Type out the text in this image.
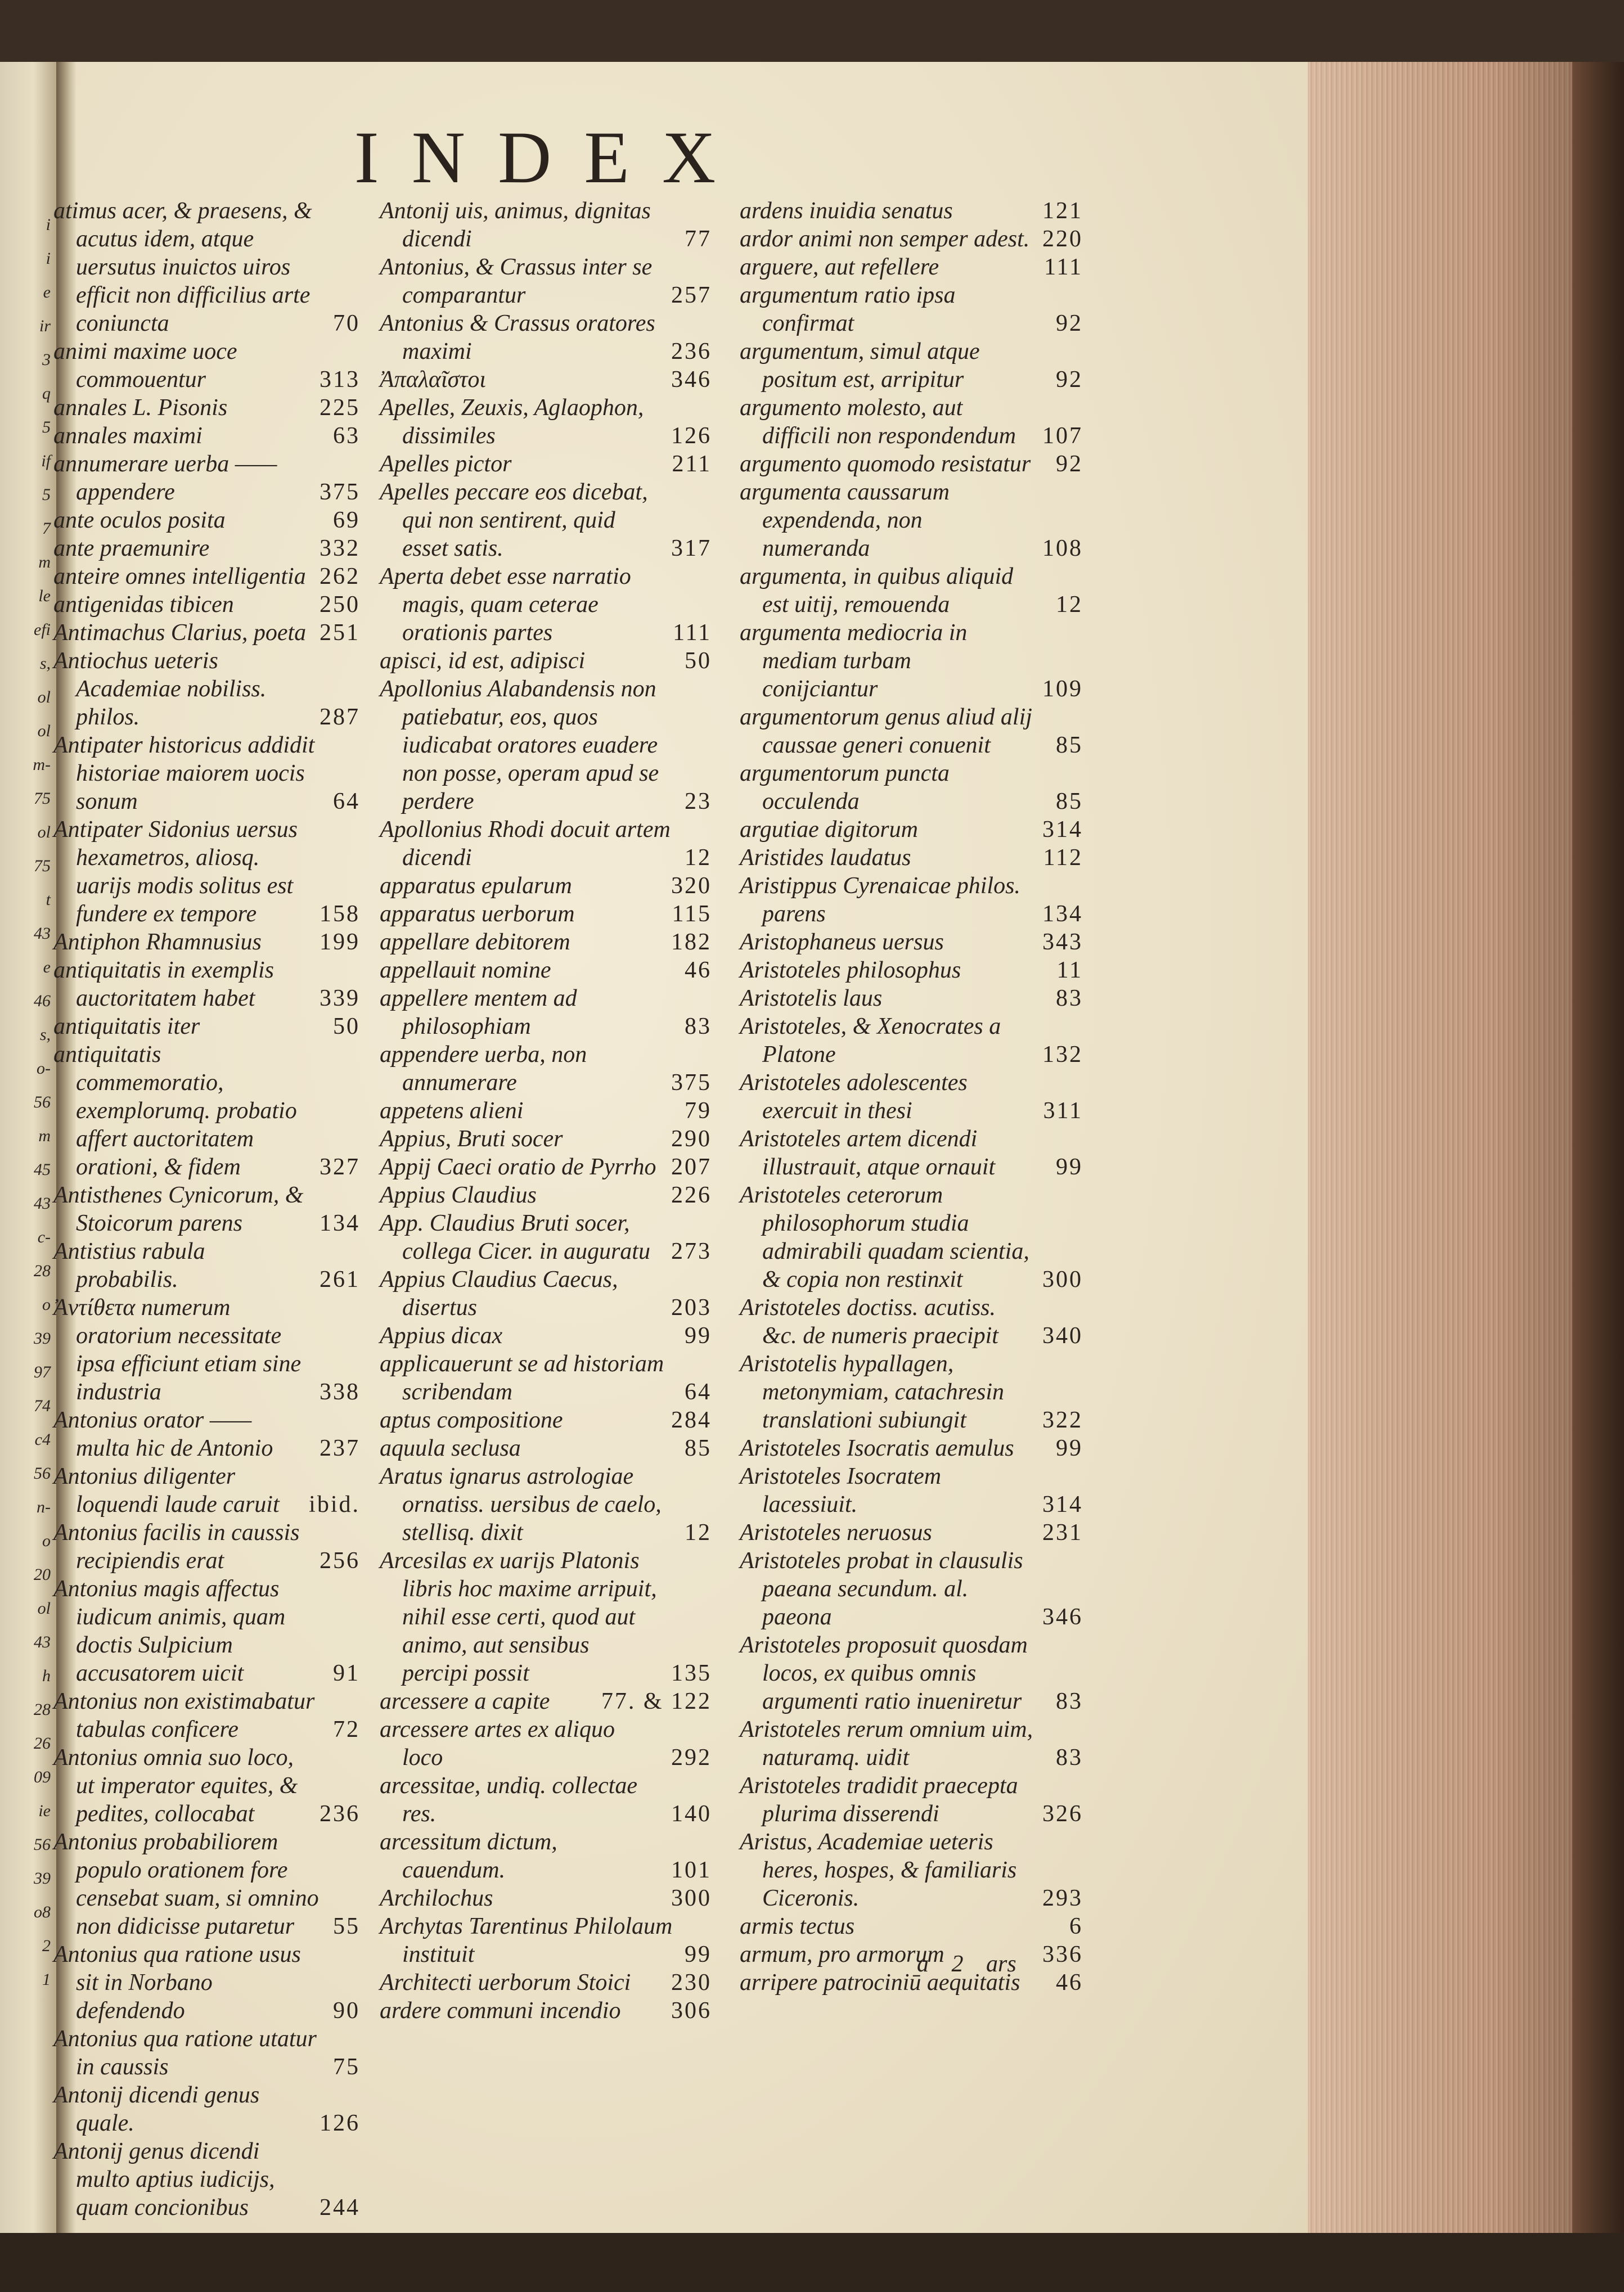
i
i
e
ir
3
q
5
if
5
7
m
le
efi
s,
ol
ol
m-
75
ol
75
t
43
e
46
s,
o-
56
m
45
43
c-
28
o
39
97
74
c4
56
n-
o
20
ol
43
h
28
26
09
ie
56
39
o8
2
1
INDEX
atimus acer, & praesens, & acutus idem, atque uersutus inuictos uiros efficit non difficilius arte coniuncta	70
animi maxime uoce commouentur	313
annales L. Pisonis	225
annales maximi	63
annumerare uerba —— appendere	375
ante oculos posita	69
ante praemunire	332
anteire omnes intelligentia 262
antigenidas tibicen	250
Antimachus Clarius, poeta 251
Antiochus ueteris Academiae nobiliss. philos.	287
Antipater historicus addidit historiae maiorem uocis sonum	64
Antipater Sidonius uersus hexametros, aliosq. uarijs modis solitus est fundere ex tempore	158
Antiphon Rhamnusius	199
antiquitatis in exemplis auctoritatem habet	339
antiquitatis iter	50
antiquitatis commemoratio, exemplorumq. probatio affert auctoritatem orationi, & fidem	327
Antisthenes Cynicorum, & Stoicorum parens	134
Antistius rabula probabilis.	261
Ἀντίθετα numerum oratorium necessitate ipsa efficiunt etiam sine industria	338
Antonius orator —— multa hic de Antonio	237
Antonius diligenter loquendi laude caruit	ibid.
Antonius facilis in caussis recipiendis erat	256
Antonius magis affectus iudicum animis, quam doctis Sulpicium accusatorem uicit	91
Antonius non existimabatur tabulas conficere	72
Antonius omnia suo loco, ut imperator equites, & pedites, collocabat	236
Antonius probabiliorem populo orationem fore censebat suam, si omnino non didicisse putaretur	55
Antonius qua ratione usus sit in Norbano defendendo	90
Antonius qua ratione utatur in caussis	75
Antonij dicendi genus quale.	126
Antonij genus dicendi multo aptius iudicijs, quam concionibus	244
Antonij uis, animus, dignitas dicendi	77
Antonius, & Crassus inter se comparantur	257
Antonius & Crassus oratores maximi	236
Ἀπαλαῖστοι	346
Apelles, Zeuxis, Aglaophon, dissimiles	126
Apelles pictor	211
Apelles peccare eos dicebat, qui non sentirent, quid esset satis.	317
Aperta debet esse narratio magis, quam ceterae orationis partes	111
apisci, id est, adipisci	50
Apollonius Alabandensis non patiebatur, eos, quos iudicabat oratores euadere non posse, operam apud se perdere	23
Apollonius Rhodi docuit artem dicendi	12
apparatus epularum	320
apparatus uerborum	115
appellare debitorem	182
appellauit nomine	46
appellere mentem ad philosophiam	83
appendere uerba, non annumerare	375
appetens alieni	79
Appius, Bruti socer	290
Appij Caeci oratio de Pyrrho 207
Appius Claudius	226
App. Claudius Bruti socer, collega Cicer. in auguratu 273
Appius Claudius Caecus, disertus	203
Appius dicax	99
applicauerunt se ad historiam scribendam	64
aptus compositione	284
aquula seclusa	85
Aratus ignarus astrologiae ornatiss. uersibus de caelo, stellisq. dixit	12
Arcesilas ex uarijs Platonis libris hoc maxime arripuit, nihil esse certi, quod aut animo, aut sensibus percipi possit	135
arcessere a capite	77. & 122
arcessere artes ex aliquo loco	292
arcessitae, undiq. collectae res.	140
arcessitum dictum, cauendum.	101
Archilochus	300
Archytas Tarentinus Philolaum instituit	99
Architecti uerborum Stoici	230
ardere communi incendio	306
ardens inuidia senatus	121
ardor animi non semper adest. 220
arguere, aut refellere	111
argumentum ratio ipsa confirmat	92
argumentum, simul atque positum est, arripitur	92
argumento molesto, aut difficili non respondendum	107
argumento quomodo resistatur	92
argumenta caussarum expendenda, non numeranda	108
argumenta, in quibus aliquid est uitij, remouenda	12
argumenta mediocria in mediam turbam conijciantur	109
argumentorum genus aliud alij caussae generi conuenit	85
argumentorum puncta occulenda	85
argutiae digitorum	314
Aristides laudatus	112
Aristippus Cyrenaicae philos. parens	134
Aristophaneus uersus	343
Aristoteles philosophus	11
Aristotelis laus	83
Aristoteles, & Xenocrates a Platone	132
Aristoteles adolescentes exercuit in thesi	311
Aristoteles artem dicendi illustrauit, atque ornauit	99
Aristoteles ceterorum philosophorum studia admirabili quadam scientia, & copia non restinxit	300
Aristoteles doctiss. acutiss. &c. de numeris praecipit	340
Aristotelis hypallagen, metonymiam, catachresin translationi subiungit	322
Aristoteles Isocratis aemulus	99
Aristoteles Isocratem lacessiuit.	314
Aristoteles neruosus	231
Aristoteles probat in clausulis paeana secundum. al. paeona	346
Aristoteles proposuit quosdam locos, ex quibus omnis argumenti ratio inueniretur	83
Aristoteles rerum omnium uim, naturamq. uidit	83
Aristoteles tradidit praecepta plurima disserendi	326
Aristus, Academiae ueteris heres, hospes, & familiaris Ciceronis.	293
armis tectus	6
armum, pro armorum	336
arripere patrociniū aequitatis	46
a 2 ars
